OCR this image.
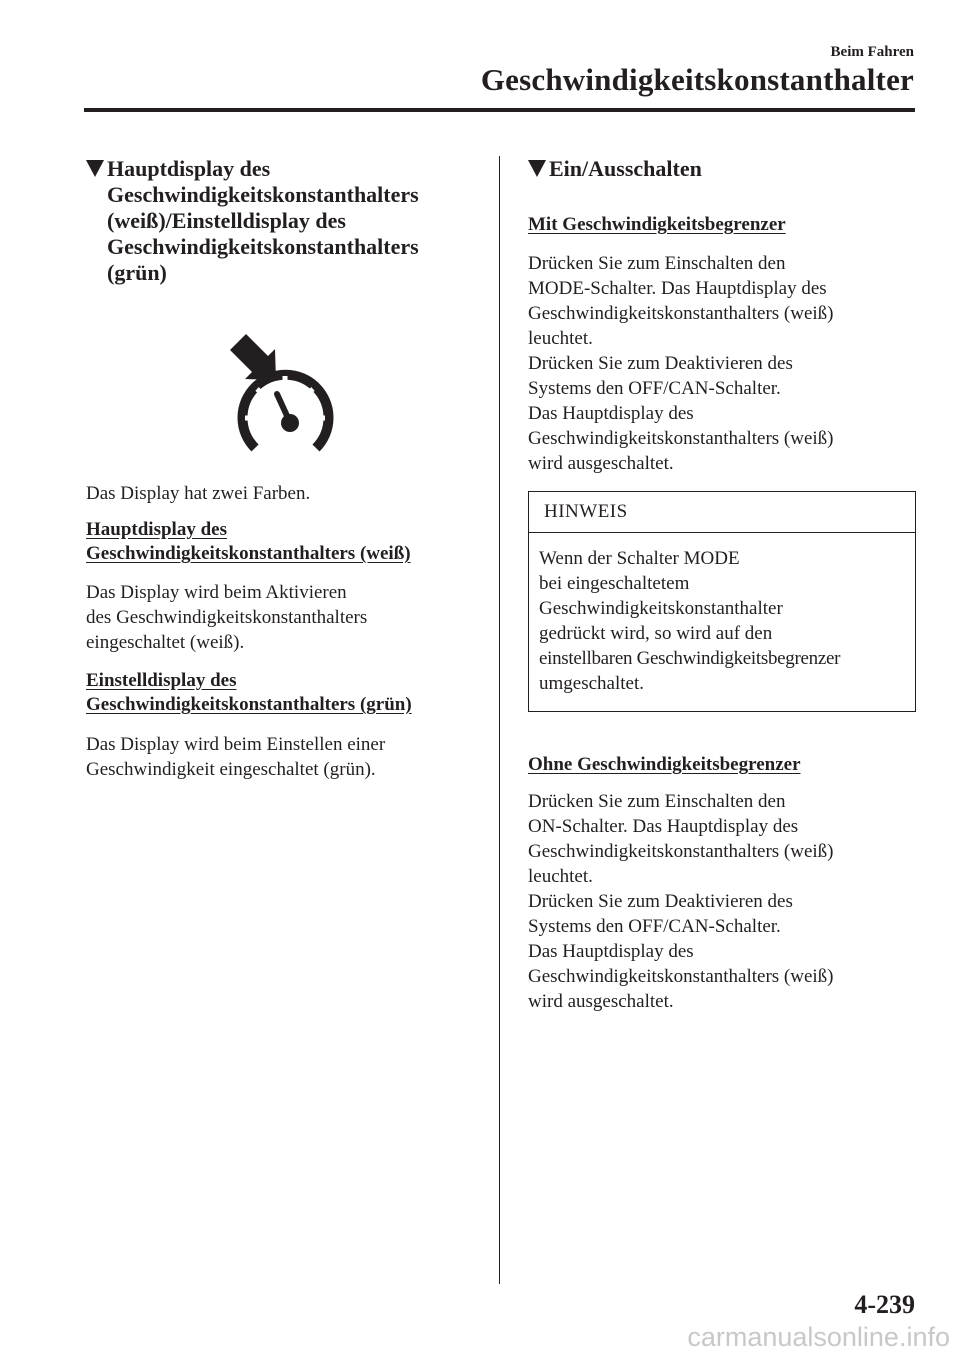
Beim Fahren
Geschwindigkeitskonstanthalter
Hauptdisplay des
Geschwindigkeitskonstanthalters
(weiß)/Einstelldisplay des
Geschwindigkeitskonstanthalters
(grün)

Das Display hat zwei Farben.

Hauptdisplay des
Geschwindigkeitskonstanthalters (weiß)

Das Display wird beim Aktivieren
des Geschwindigkeitskonstanthalters
eingeschaltet (weiß).

Einstelldisplay des
Geschwindigkeitskonstanthalters (grün)

Das Display wird beim Einstellen einer
Geschwindigkeit eingeschaltet (grün).

Ein/Ausschalten

Mit Geschwindigkeitsbegrenzer

Drücken Sie zum Einschalten den
MODE-Schalter. Das Hauptdisplay des
Geschwindigkeitskonstanthalters (weiß)
leuchtet.
Drücken Sie zum Deaktivieren des
Systems den OFF/CAN-Schalter.
Das Hauptdisplay des
Geschwindigkeitskonstanthalters (weiß)
wird ausgeschaltet.

HINWEIS
Wenn der Schalter MODE
bei eingeschaltetem
Geschwindigkeitskonstanthalter
gedrückt wird, so wird auf den
einstellbaren Geschwindigkeitsbegrenzer
umgeschaltet.

Ohne Geschwindigkeitsbegrenzer

Drücken Sie zum Einschalten den
ON-Schalter. Das Hauptdisplay des
Geschwindigkeitskonstanthalters (weiß)
leuchtet.
Drücken Sie zum Deaktivieren des
Systems den OFF/CAN-Schalter.
Das Hauptdisplay des
Geschwindigkeitskonstanthalters (weiß)
wird ausgeschaltet.

4-239
carmanualsonline.info
